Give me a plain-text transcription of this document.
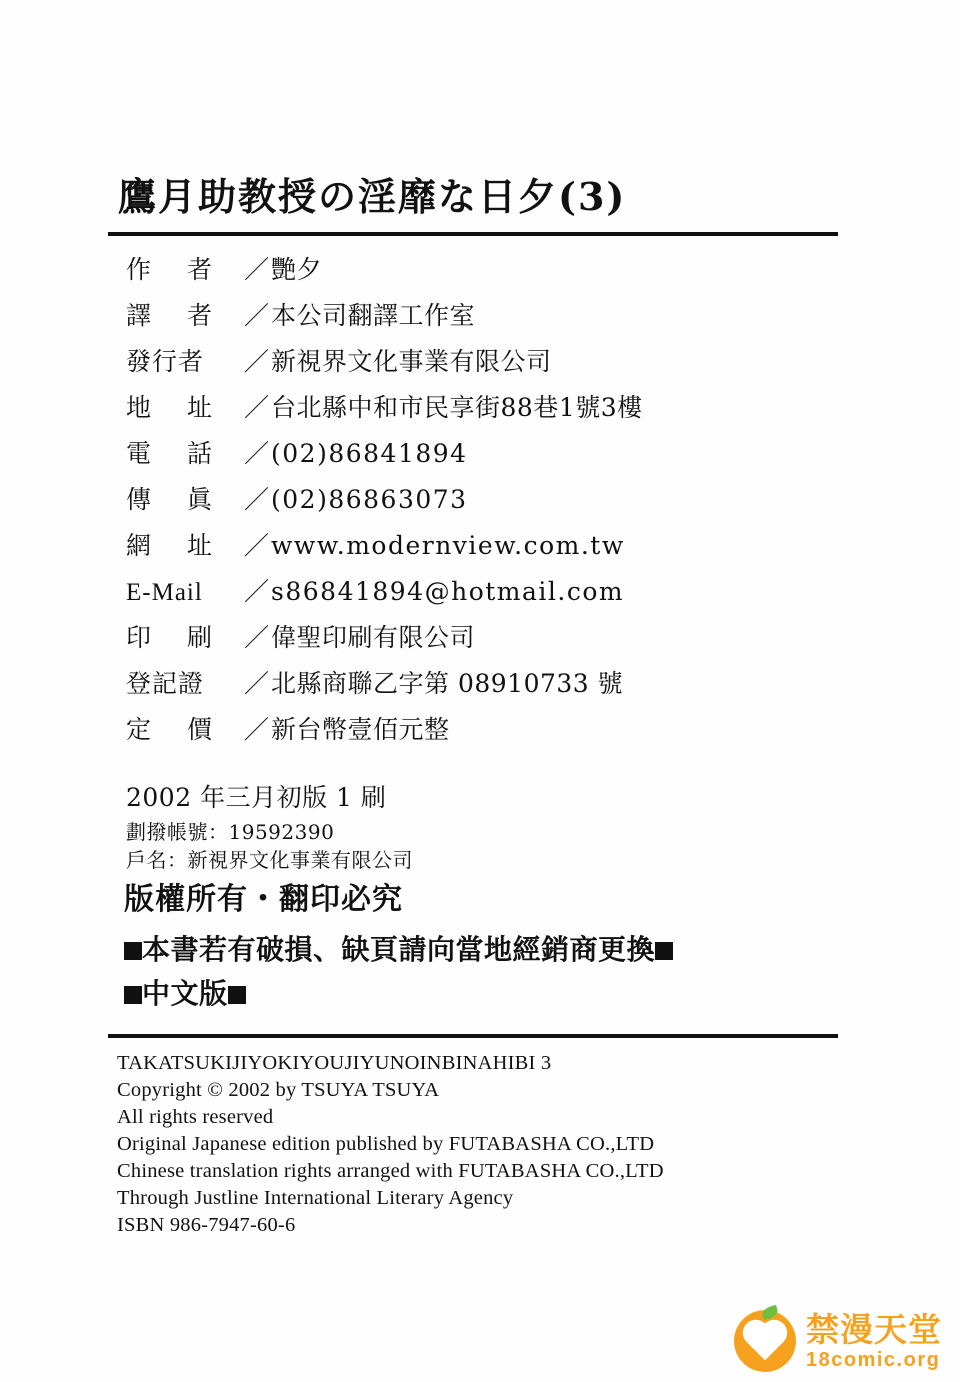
鷹月助教授の淫靡な日夕(3)
作　 者	／ 艷夕
譯　 者	／ 本公司翻譯工作室
發行者	／ 新視界文化事業有限公司
地　 址	／ 台北縣中和市民享街88巷1號3樓
電　 話	／ (02)86841894
傳　 眞	／ (02)86863073
網　 址	／ www.modernview.com.tw
E-Mail	／ s86841894@hotmail.com
印　 刷	／ 偉聖印刷有限公司
登記證	／ 北縣商聯乙字第 08910733 號
定　 價	／ 新台幣壹佰元整
2002 年三月初版 1 刷
劃撥帳號：19592390
戶名：新視界文化事業有限公司
版權所有・翻印必究
本書若有破損、缺頁請向當地經銷商更換
中文版
TAKATSUKIJIYOKIYOUJIYUNOINBINAHIBI 3
Copyright © 2002 by TSUYA TSUYA
All rights reserved
Original Japanese edition published by FUTABASHA CO.,LTD
Chinese translation rights arranged with FUTABASHA CO.,LTD
Through Justline International Literary Agency
ISBN 986-7947-60-6
禁漫天堂
18comic.org
